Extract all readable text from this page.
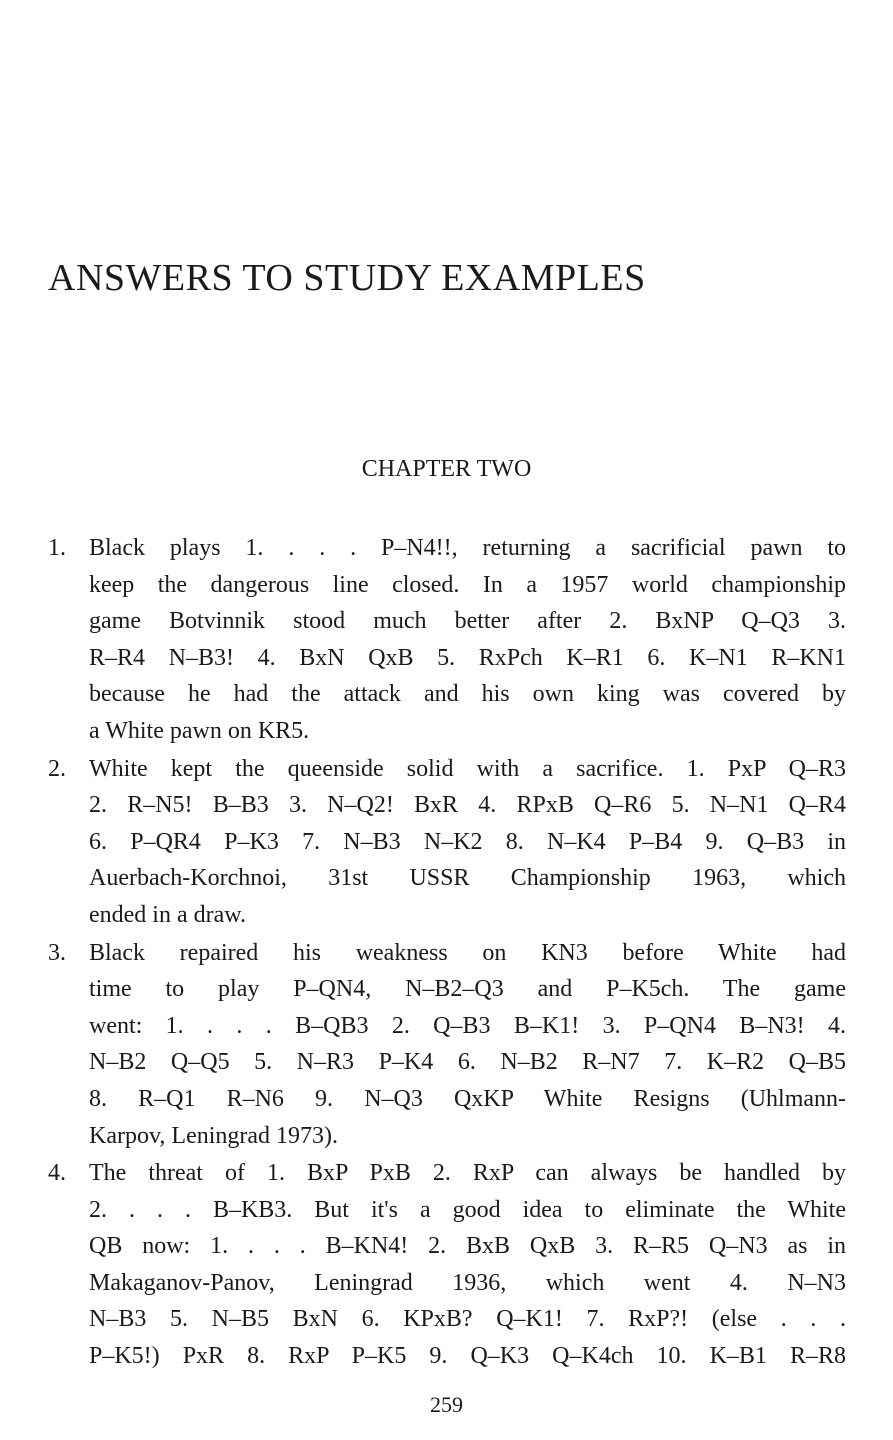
ANSWERS TO STUDY EXAMPLES
CHAPTER TWO
1. Black plays 1. . . . P–N4!!, returning a sacrificial pawn to
keep the dangerous line closed. In a 1957 world championship
game Botvinnik stood much better after 2. BxNP Q–Q3 3.
R–R4 N–B3! 4. BxN QxB 5. RxPch K–R1 6. K–N1 R–KN1
because he had the attack and his own king was covered by
a White pawn on KR5.
2. White kept the queenside solid with a sacrifice. 1. PxP Q–R3
2. R–N5! B–B3 3. N–Q2! BxR 4. RPxB Q–R6 5. N–N1 Q–R4
6. P–QR4 P–K3 7. N–B3 N–K2 8. N–K4 P–B4 9. Q–B3 in
Auerbach-Korchnoi, 31st USSR Championship 1963, which
ended in a draw.
3. Black repaired his weakness on KN3 before White had
time to play P–QN4, N–B2–Q3 and P–K5ch. The game
went: 1. . . . B–QB3 2. Q–B3 B–K1! 3. P–QN4 B–N3! 4.
N–B2 Q–Q5 5. N–R3 P–K4 6. N–B2 R–N7 7. K–R2 Q–B5
8. R–Q1 R–N6 9. N–Q3 QxKP White Resigns (Uhlmann-
Karpov, Leningrad 1973).
4. The threat of 1. BxP PxB 2. RxP can always be handled by
2. . . . B–KB3. But it's a good idea to eliminate the White
QB now: 1. . . . B–KN4! 2. BxB QxB 3. R–R5 Q–N3 as in
Makaganov-Panov, Leningrad 1936, which went 4. N–N3
N–B3 5. N–B5 BxN 6. KPxB? Q–K1! 7. RxP?! (else . . .
P–K5!) PxR 8. RxP P–K5 9. Q–K3 Q–K4ch 10. K–B1 R–R8
259
